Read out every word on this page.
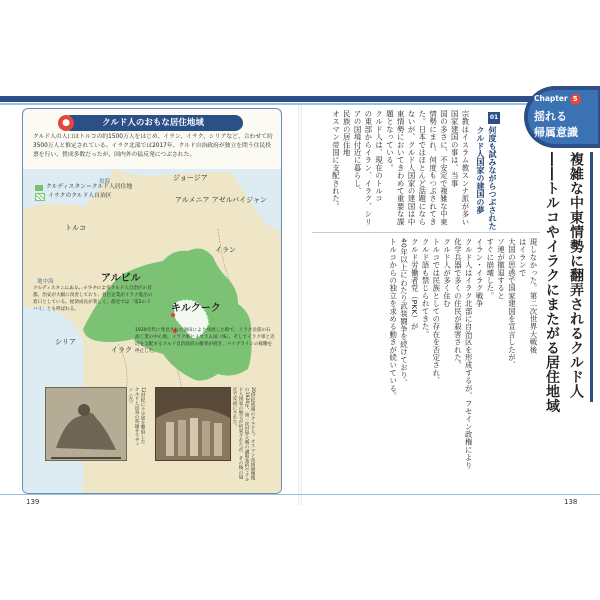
●	クルド人のおもな居住地域
クルド人の人口はトルコの約1500万人をはじめ、イラン、イラク、シリアなど、合わせて約3500万人と推定されている。イラク北部では2017年、クルド自治政府が独立を問う住民投票を行い、賛成多数だったが、国内外の猛反発につぶされた。
黒海
地中海
ジョージア
アルメニア アゼルバイジャン
トルコ
イラン
シリア
イラク
アルビル
キルクーク
クルディスタン＝クルド人居住地
イラクのクルド人自治区
クルディスタンにあり、イラクによるクルド人自治区の首都。治安が大幅に改善しており、名目企業がイラク進出の窓口としている。経済成長が著しく、最近では「第2のドバイ」とも呼ばれる。
1920年代に発見された油田により発展した街で、イラク北部の石油工業の中心地。イラク軍とイスラム国（IS）、そしてイラク軍と近辺を支配するクルド自治政府の衝突が続き、パイプラインの稼働を停止した。
12世紀に十字軍を撃退したクルド人出身の英雄サラディン（左）	20世紀初頭のクルド人。オスマン帝国崩壊後の1920年、第一次世界大戦の講和条約でクルド人国家の独立が約束されたが、その後の協定で反故にされた。
139	138
Chapter 5
揺れる
帰属意識
複雑な中東情勢に翻弄されるクルド人
――トルコやイラクにまたがる居住地域
01
何度も試みながらつぶされた
クルド人国家の建国の夢
宗教はイスラム教スンナ派が多い
国家建国の事は、当事
国の多さに、不安定で複雑な中東
情勢にまれ、何度もつぶされてき
た。日本ではほとんど話題になら
ないが、クルド人国家の建国は中
東情勢においてきわめて重要な課
題となっている。
クルド人は、現在のトルコ
の東部からイラン、イラク、シリ
アの国境付近に暮らし、
民族の居住地
オスマン帝国に支配された。
現しなかった。第二次世界大戦後
はイランで
大国の思惑で国家建国を宣言したが、
ソ連が撤退すると
すぐに崩壊した。
イラン・イラク戦争
クルド人はイラク北部に自治区を形成するが、フセイン政権により
化学兵器で多くの住民が殺害された。
クルド人が多く住む
トルコでは民族としての存在を否定され、
クルド語も禁じられてきた。
クルド労働者党（PKK）が
40年以上にわたり武装闘争を続けており、
トルコからの独立を求める動きが続いている。
